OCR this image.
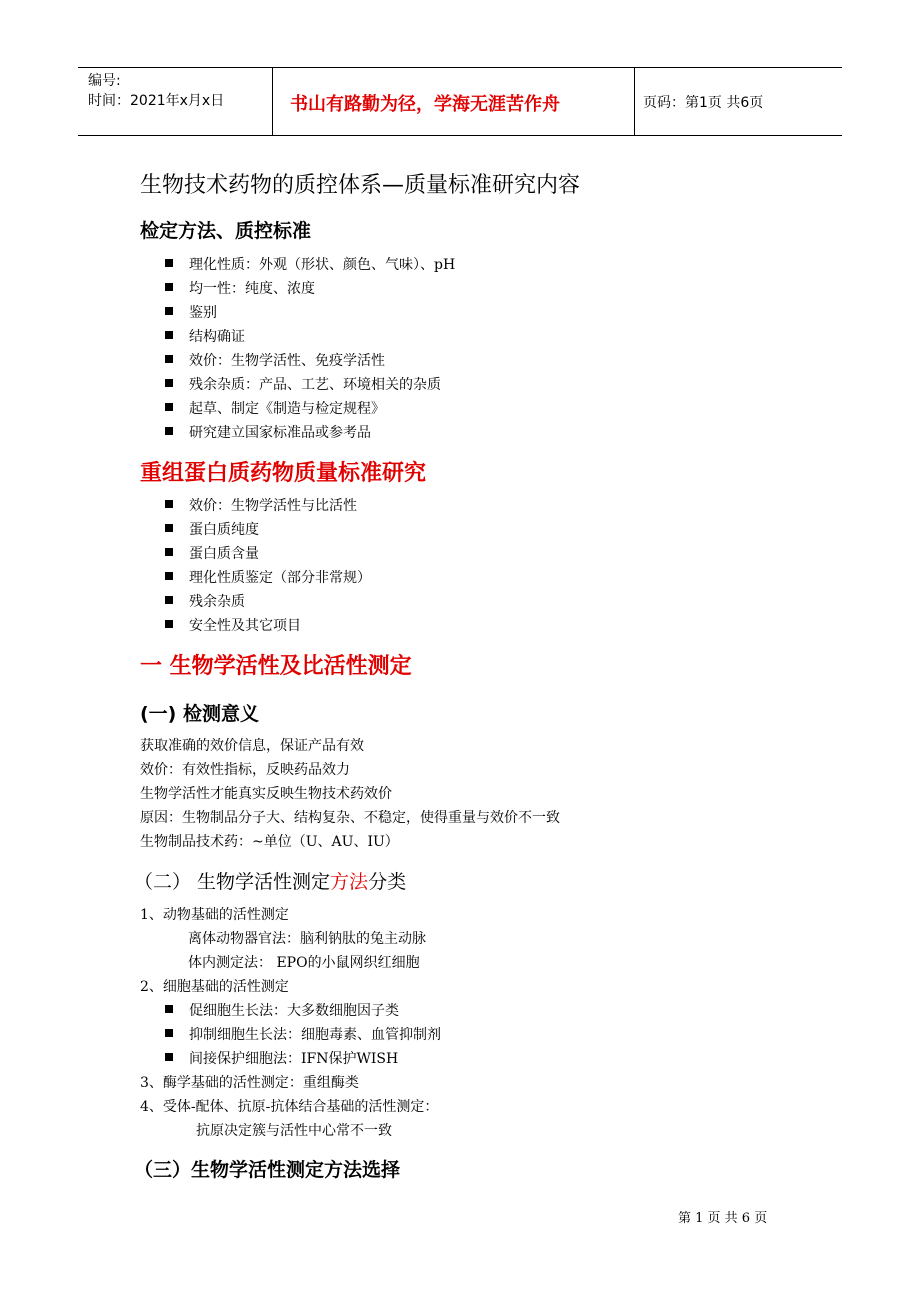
编号:
时间：2021年x月x日	书山有路勤为径，学海无涯苦作舟	页码：第1页 共6页
生物技术药物的质控体系—质量标准研究内容
检定方法、质控标准
理化性质：外观（形状、颜色、气味）、pH
均一性：纯度、浓度
鉴别
结构确证
效价：生物学活性、免疫学活性
残余杂质：产品、工艺、环境相关的杂质
起草、制定《制造与检定规程》
研究建立国家标准品或参考品
重组蛋白质药物质量标准研究
效价：生物学活性与比活性
蛋白质纯度
蛋白质含量
理化性质鉴定（部分非常规）
残余杂质
安全性及其它项目
一 生物学活性及比活性测定
(一) 检测意义
获取准确的效价信息，保证产品有效
效价：有效性指标，反映药品效力
生物学活性才能真实反映生物技术药效价
原因：生物制品分子大、结构复杂、不稳定，使得重量与效价不一致
生物制品技术药：~单位（U、AU、IU）
（二） 生物学活性测定方法分类
1、动物基础的活性测定
离体动物器官法：脑利钠肽的兔主动脉
体内测定法： EPO的小鼠网织红细胞
2、细胞基础的活性测定
促细胞生长法：大多数细胞因子类
抑制细胞生长法：细胞毒素、血管抑制剂
间接保护细胞法：IFN保护WISH
3、酶学基础的活性测定：重组酶类
4、受体-配体、抗原-抗体结合基础的活性测定：
抗原决定簇与活性中心常不一致
（三）生物学活性测定方法选择
第 1 页 共 6 页
